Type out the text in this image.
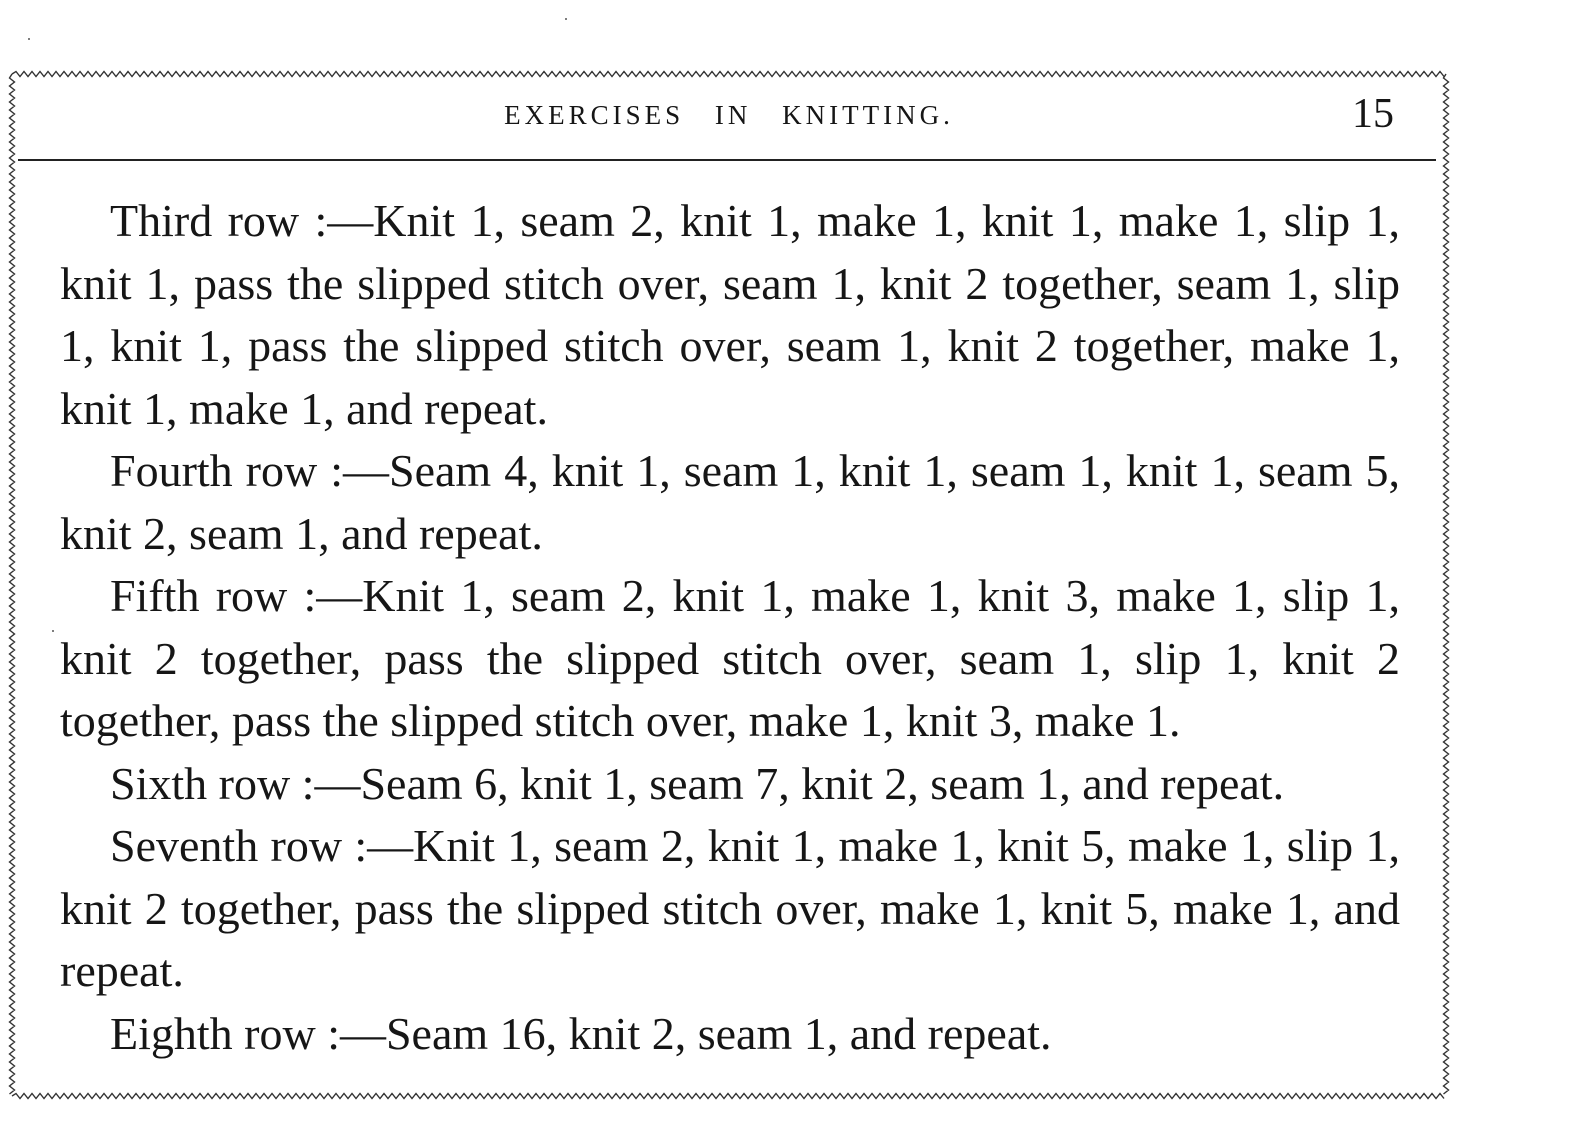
EXERCISES IN KNITTING.	15

Third row :—Knit 1, seam 2, knit 1, make 1, knit 1, make 1, slip 1, knit 1, pass the slipped stitch over, seam 1, knit 2 together, seam 1, slip 1, knit 1, pass the slipped stitch over, seam 1, knit 2 together, make 1, knit 1, make 1, and repeat.

Fourth row :—Seam 4, knit 1, seam 1, knit 1, seam 1, knit 1, seam 5, knit 2, seam 1, and repeat.

Fifth row :—Knit 1, seam 2, knit 1, make 1, knit 3, make 1, slip 1, knit 2 together, pass the slipped stitch over, seam 1, slip 1, knit 2 together, pass the slipped stitch over, make 1, knit 3, make 1.

Sixth row :—Seam 6, knit 1, seam 7, knit 2, seam 1, and repeat.

Seventh row :—Knit 1, seam 2, knit 1, make 1, knit 5, make 1, slip 1, knit 2 together, pass the slipped stitch over, make 1, knit 5, make 1, and repeat.

Eighth row :—Seam 16, knit 2, seam 1, and repeat.
